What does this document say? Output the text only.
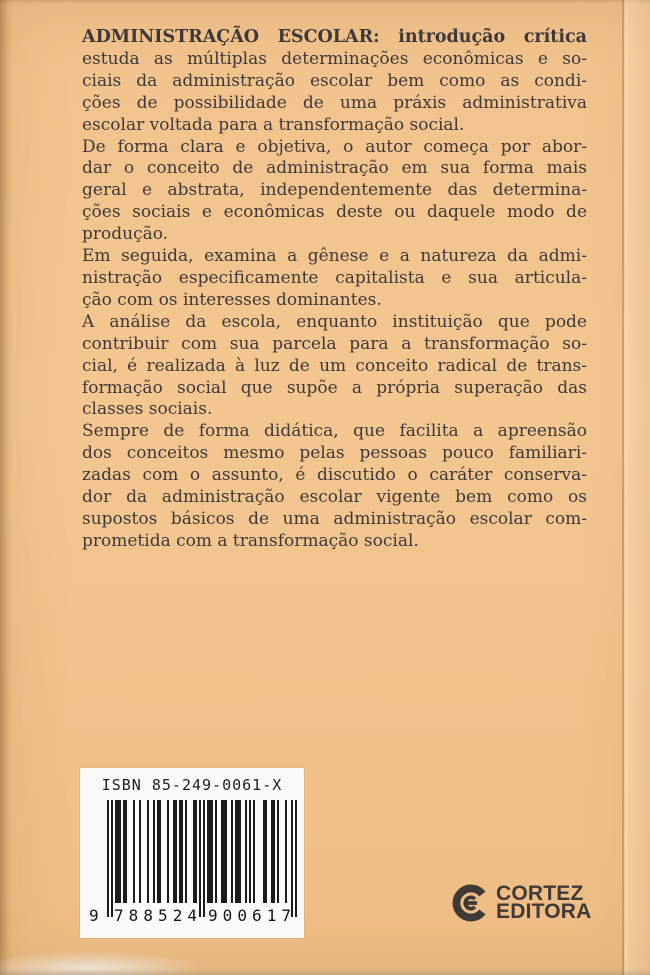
ADMINISTRAÇÃO ESCOLAR: introdução crítica
estuda as múltiplas determinações econômicas e so-
ciais da administração escolar bem como as condi-
ções de possibilidade de uma práxis administrativa
escolar voltada para a transformação social.
De forma clara e objetiva, o autor começa por abor-
dar o conceito de administração em sua forma mais
geral e abstrata, independentemente das determina-
ções sociais e econômicas deste ou daquele modo de
produção.
Em seguida, examina a gênese e a natureza da admi-
nistração especificamente capitalista e sua articula-
ção com os interesses dominantes.
A análise da escola, enquanto instituição que pode
contribuir com sua parcela para a transformação so-
cial, é realizada à luz de um conceito radical de trans-
formação social que supõe a própria superação das
classes sociais.
Sempre de forma didática, que facilita a apreensão
dos conceitos mesmo pelas pessoas pouco familiari-
zadas com o assunto, é discutido o caráter conserva-
dor da administração escolar vigente bem como os
supostos básicos de uma administração escolar com-
prometida com a transformação social.
ISBN 85-249-0061-X
9 7 8 8 5 2 4 9 0 0 6 1 7
CORTEZ
EDITORA
